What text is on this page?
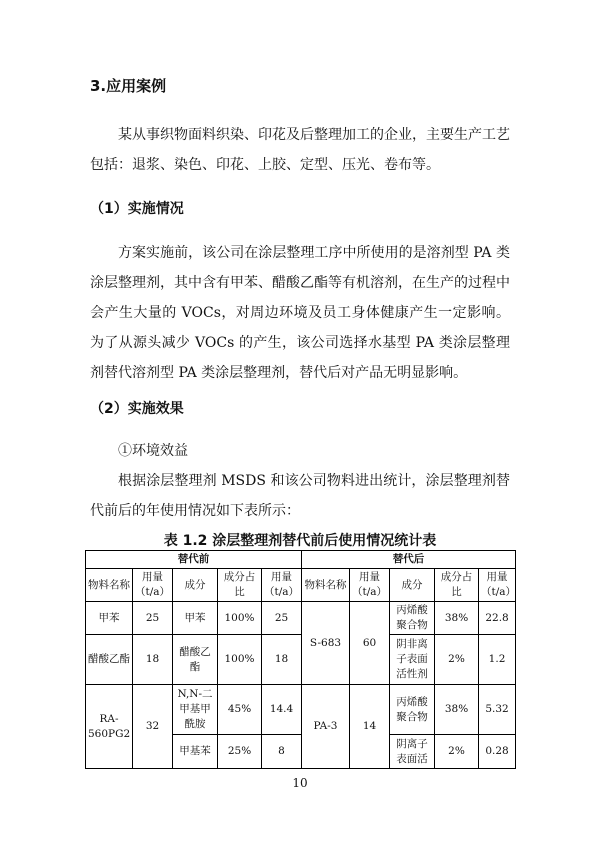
3.应用案例

某从事织物面料织染、印花及后整理加工的企业，主要生产工艺包括：退浆、染色、印花、上胶、定型、压光、卷布等。

（1）实施情况

方案实施前，该公司在涂层整理工序中所使用的是溶剂型 PA 类涂层整理剂，其中含有甲苯、醋酸乙酯等有机溶剂，在生产的过程中会产生大量的 VOCs，对周边环境及员工身体健康产生一定影响。为了从源头减少 VOCs 的产生，该公司选择水基型 PA 类涂层整理剂替代溶剂型 PA 类涂层整理剂，替代后对产品无明显影响。

（2）实施效果
①环境效益

根据涂层整理剂 MSDS 和该公司物料进出统计，涂层整理剂替代前后的年使用情况如下表所示：

表 1.2 涂层整理剂替代前后使用情况统计表
替代前					替代后				
物料名称	用量（t/a）	成分	成分占比	用量（t/a）	物料名称	用量（t/a）	成分	成分占比	用量（t/a）
甲苯	25	甲苯	100%	25	S-683	60	丙烯酸聚合物	38%	22.8
醋酸乙酯	18	醋酸乙酯	100%	18			阴非离子表面活性剂	2%	1.2
RA-560PG2	32	N,N-二甲基甲酰胺	45%	14.4	PA-3	14	丙烯酸聚合物	38%	5.32
		甲基苯	25%	8			阴离子表面活	2%	0.28
10
